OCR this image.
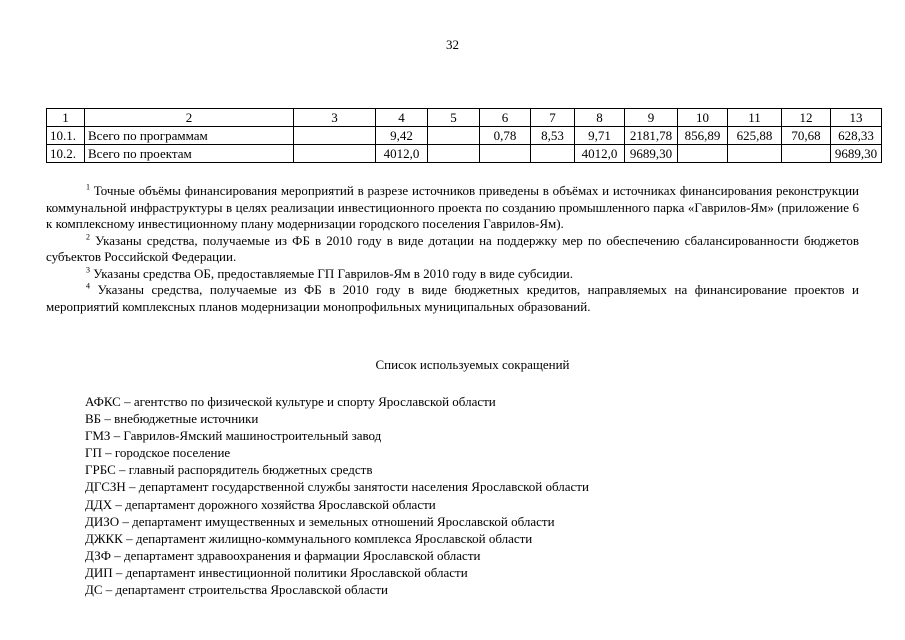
32
1	2	3	4	5	6	7	8	9	10	11	12	13
10.1.	Всего по программам		9,42		0,78	8,53	9,71	2181,78	856,89	625,88	70,68	628,33
10.2.	Всего по проектам		4012,0				4012,0	9689,30				9689,30

$^1$ Точные объёмы финансирования мероприятий в разрезе источников приведены в объёмах и источниках финансирования реконструкции коммунальной инфраструктуры в целях реализации инвестиционного проекта по созданию промышленного парка «Гаврилов-Ям» (приложение 6 к комплексному инвестиционному плану модернизации городского поселения Гаврилов-Ям).

$^2$ Указаны средства, получаемые из ФБ в 2010 году в виде дотации на поддержку мер по обеспечению сбалансированности бюджетов субъектов Российской Федерации.

$^3$ Указаны средства ОБ, предоставляемые ГП Гаврилов-Ям в 2010 году в виде субсидии.

$^4$ Указаны средства, получаемые из ФБ в 2010 году в виде бюджетных кредитов, направляемых на финансирование проектов и мероприятий комплексных планов модернизации монопрофильных муниципальных образований.

Список используемых сокращений
АФКС – агентство по физической культуре и спорту Ярославской области
ВБ – внебюджетные источники
ГМЗ – Гаврилов-Ямский машиностроительный завод
ГП – городское поселение
ГРБС – главный распорядитель бюджетных средств
ДГСЗН – департамент государственной службы занятости населения Ярославской области
ДДХ – департамент дорожного хозяйства Ярославской области
ДИЗО – департамент имущественных и земельных отношений Ярославской области
ДЖКК – департамент жилищно-коммунального комплекса Ярославской области
ДЗФ – департамент здравоохранения и фармации Ярославской области
ДИП – департамент инвестиционной политики Ярославской области
ДС – департамент строительства Ярославской области
